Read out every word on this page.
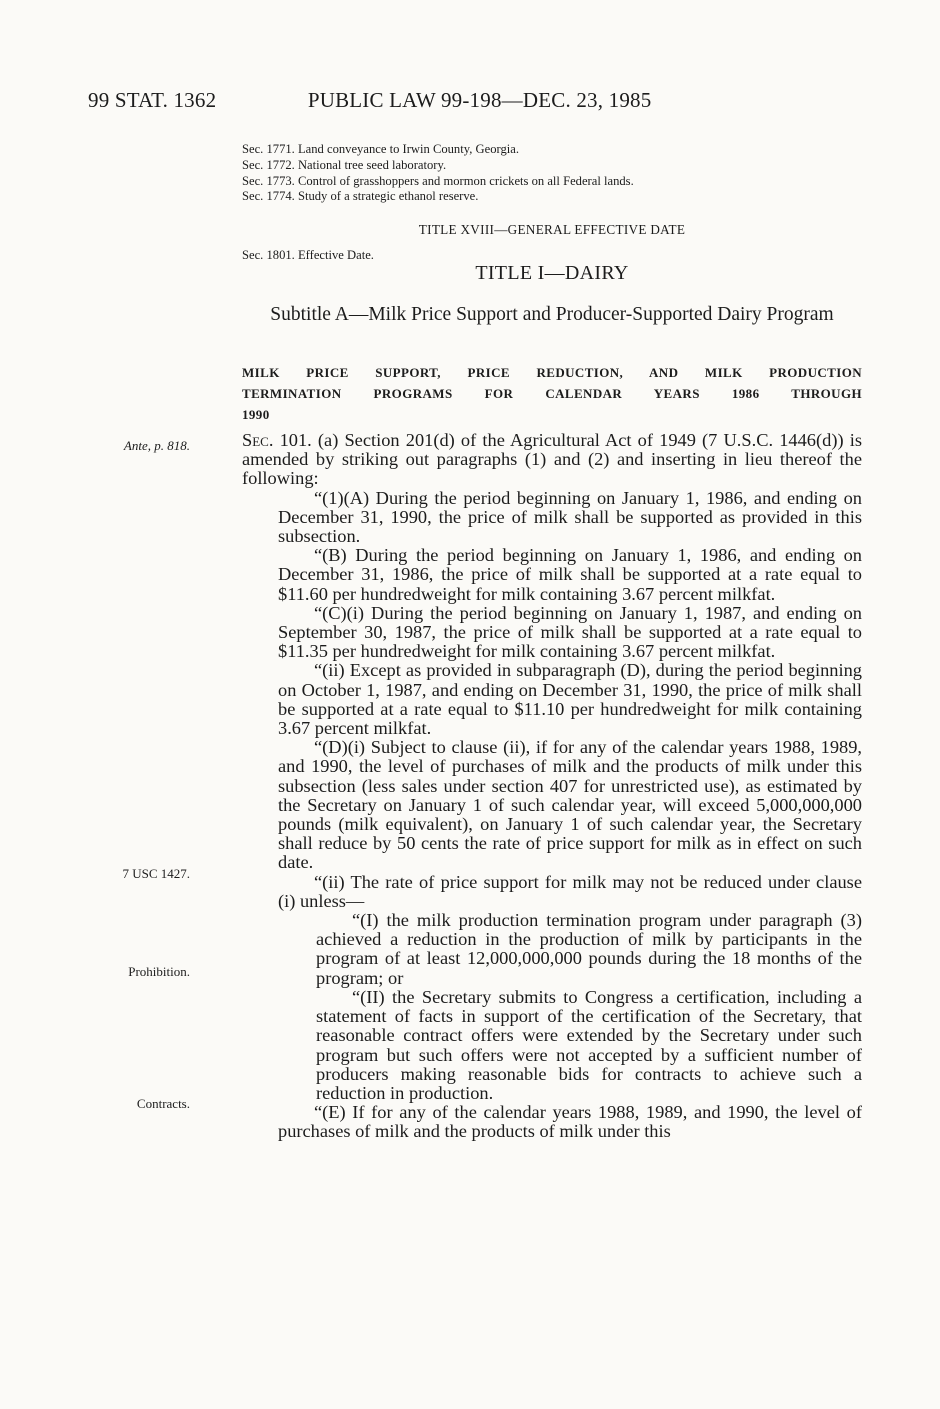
99 STAT. 1362	PUBLIC LAW 99-198—DEC. 23, 1985
Sec. 1771. Land conveyance to Irwin County, Georgia.
Sec. 1772. National tree seed laboratory.
Sec. 1773. Control of grasshoppers and mormon crickets on all Federal lands.
Sec. 1774. Study of a strategic ethanol reserve.
TITLE XVIII—GENERAL EFFECTIVE DATE
Sec. 1801. Effective Date.
TITLE I—DAIRY
Subtitle A—Milk Price Support and Producer-Supported Dairy Program
MILK PRICE SUPPORT, PRICE REDUCTION, AND MILK PRODUCTION
TERMINATION PROGRAMS FOR CALENDAR YEARS 1986 THROUGH
1990
Ante, p. 818.
7 USC 1427.
Prohibition.
Contracts.

Sec. 101. (a) Section 201(d) of the Agricultural Act of 1949 (7 U.S.C. 1446(d)) is amended by striking out paragraphs (1) and (2) and inserting in lieu thereof the following:

“(1)(A) During the period beginning on January 1, 1986, and ending on December 31, 1990, the price of milk shall be supported as provided in this subsection.

“(B) During the period beginning on January 1, 1986, and ending on December 31, 1986, the price of milk shall be supported at a rate equal to $11.60 per hundredweight for milk containing 3.67 percent milkfat.

“(C)(i) During the period beginning on January 1, 1987, and ending on September 30, 1987, the price of milk shall be supported at a rate equal to $11.35 per hundredweight for milk containing 3.67 percent milkfat.

“(ii) Except as provided in subparagraph (D), during the period beginning on October 1, 1987, and ending on December 31, 1990, the price of milk shall be supported at a rate equal to $11.10 per hundredweight for milk containing 3.67 percent milkfat.

“(D)(i) Subject to clause (ii), if for any of the calendar years 1988, 1989, and 1990, the level of purchases of milk and the products of milk under this subsection (less sales under section 407 for unrestricted use), as estimated by the Secretary on January 1 of such calendar year, will exceed 5,000,000,000 pounds (milk equivalent), on January 1 of such calendar year, the Secretary shall reduce by 50 cents the rate of price support for milk as in effect on such date.

“(ii) The rate of price support for milk may not be reduced under clause (i) unless—

“(I) the milk production termination program under paragraph (3) achieved a reduction in the production of milk by participants in the program of at least 12,000,000,000 pounds during the 18 months of the program; or

“(II) the Secretary submits to Congress a certification, including a statement of facts in support of the certification of the Secretary, that reasonable contract offers were extended by the Secretary under such program but such offers were not accepted by a sufficient number of producers making reasonable bids for contracts to achieve such a reduction in production.

“(E) If for any of the calendar years 1988, 1989, and 1990, the level of purchases of milk and the products of milk under this
